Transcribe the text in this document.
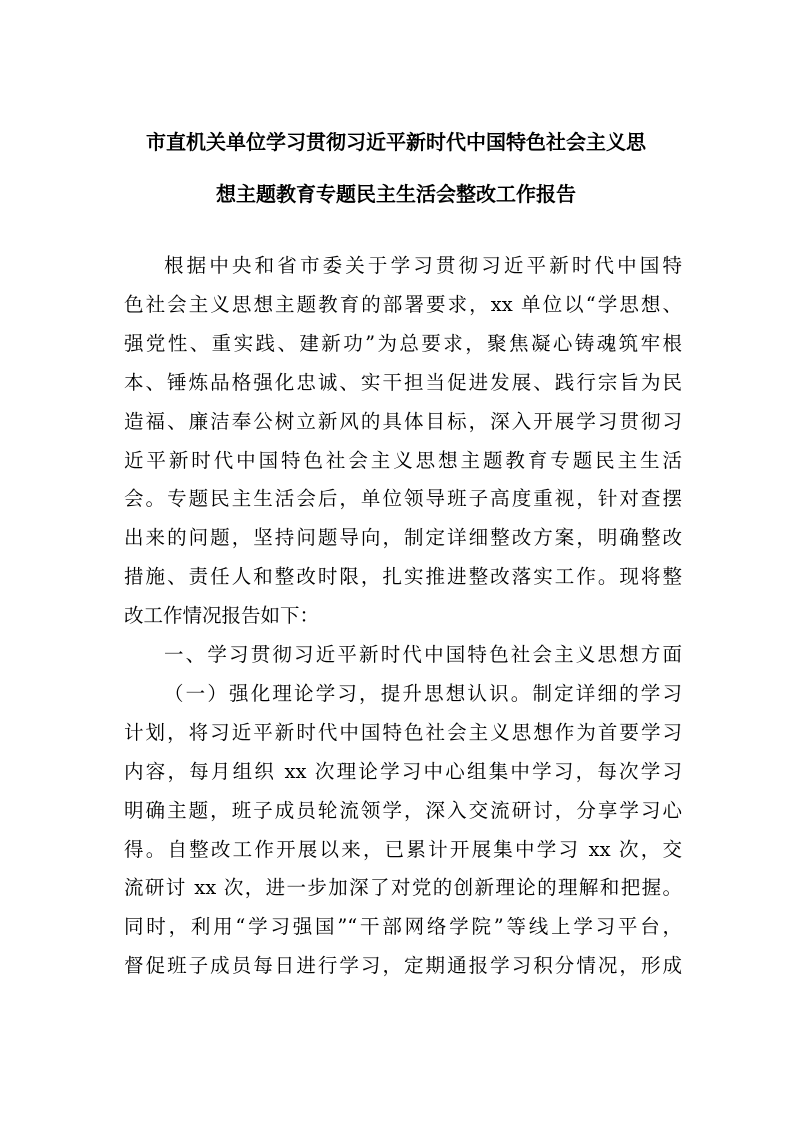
市直机关单位学习贯彻习近平新时代中国特色社会主义思
想主题教育专题民主生活会整改工作报告
根据中央和省市委关于学习贯彻习近平新时代中国特
色社会主义思想主题教育的部署要求，xx 单位以“学思想、
强党性、重实践、建新功”为总要求，聚焦凝心铸魂筑牢根
本、锤炼品格强化忠诚、实干担当促进发展、践行宗旨为民
造福、廉洁奉公树立新风的具体目标，深入开展学习贯彻习
近平新时代中国特色社会主义思想主题教育专题民主生活
会。专题民主生活会后，单位领导班子高度重视，针对查摆
出来的问题，坚持问题导向，制定详细整改方案，明确整改
措施、责任人和整改时限，扎实推进整改落实工作。现将整
改工作情况报告如下：
一、学习贯彻习近平新时代中国特色社会主义思想方面
（一）强化理论学习，提升思想认识。制定详细的学习
计划，将习近平新时代中国特色社会主义思想作为首要学习
内容，每月组织 xx 次理论学习中心组集中学习，每次学习
明确主题，班子成员轮流领学，深入交流研讨，分享学习心
得。自整改工作开展以来，已累计开展集中学习 xx 次，交
流研讨 xx 次，进一步加深了对党的创新理论的理解和把握。
同时，利用“学习强国”“干部网络学院”等线上学习平台，
督促班子成员每日进行学习，定期通报学习积分情况，形成
